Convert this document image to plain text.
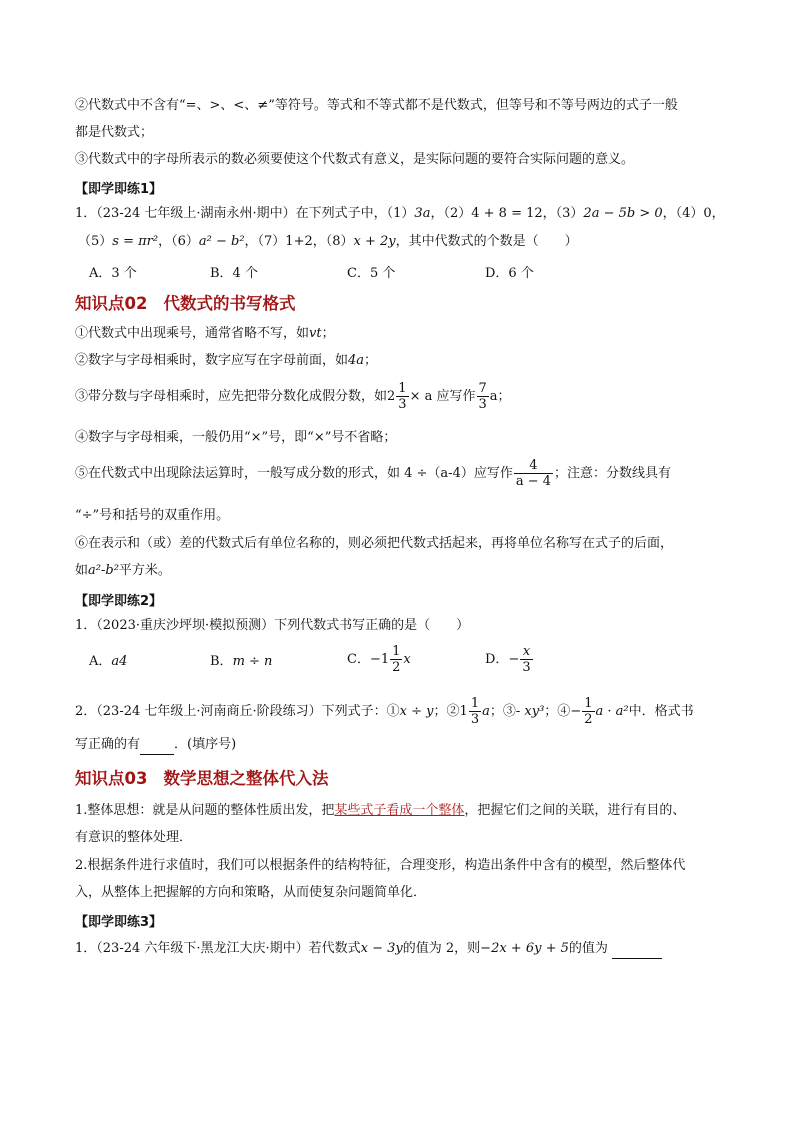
②代数式中不含有“=、>、<、≠”等符号。等式和不等式都不是代数式，但等号和不等号两边的式子一般
都是代数式；
③代数式中的字母所表示的数必须要使这个代数式有意义，是实际问题的要符合实际问题的意义。
【即学即练1】
1．（23-24 七年级上·湖南永州·期中）在下列式子中，（1）3a，（2）4 + 8 = 12，（3）2a − 5b > 0，（4）0，
（5）s = πr²，（6）a² − b²，（7）1+2，（8）x + 2y，其中代数式的个数是（　　）
A．3 个	B．4 个	C．5 个	D．6 个
知识点02 代数式的书写格式
①代数式中出现乘号，通常省略不写，如vt；
②数字与字母相乘时，数字应写在字母前面，如4a；
③带分数与字母相乘时，应先把带分数化成假分数，如$2 \frac{1}{3} \times a$ 应写作 $\frac{7}{3}$ a；
④数字与字母相乘，一般仍用“×”号，即“×”号不省略；
⑤在代数式中出现除法运算时，一般写成分数的形式，如 4 ÷（a-4）应写作 $\frac{4}{a - 4}$ ；注意：分数线具有
“÷”号和括号的双重作用。
⑥在表示和（或）差的代数式后有单位名称的，则必须把代数式括起来，再将单位名称写在式子的后面，
如a²-b²平方米。
【即学即练2】
1．（2023·重庆沙坪坝·模拟预测）下列代数式书写正确的是（　　）
A．a4	B．m ÷ n	C．$-1 \frac{1}{2}$ x	D．− $\frac{x}{3}$
2．（23-24 七年级上·河南商丘·阶段练习）下列式子：①x ÷ y；②1 $\frac{1}{3}$ a；③- xy³；④− $\frac{1}{2}$ a · a²中．格式书
写正确的有	．(填序号)
知识点03 数学思想之整体代入法
1.整体思想：就是从问题的整体性质出发，把某些式子看成一个整体，把握它们之间的关联，进行有目的、
有意识的整体处理．
2.根据条件进行求值时，我们可以根据条件的结构特征，合理变形，构造出条件中含有的模型，然后整体代
入，从整体上把握解的方向和策略，从而使复杂问题简单化．
【即学即练3】
1．（23-24 六年级下·黑龙江大庆·期中）若代数式x − 3y的值为 2，则−2x + 6y + 5的值为
